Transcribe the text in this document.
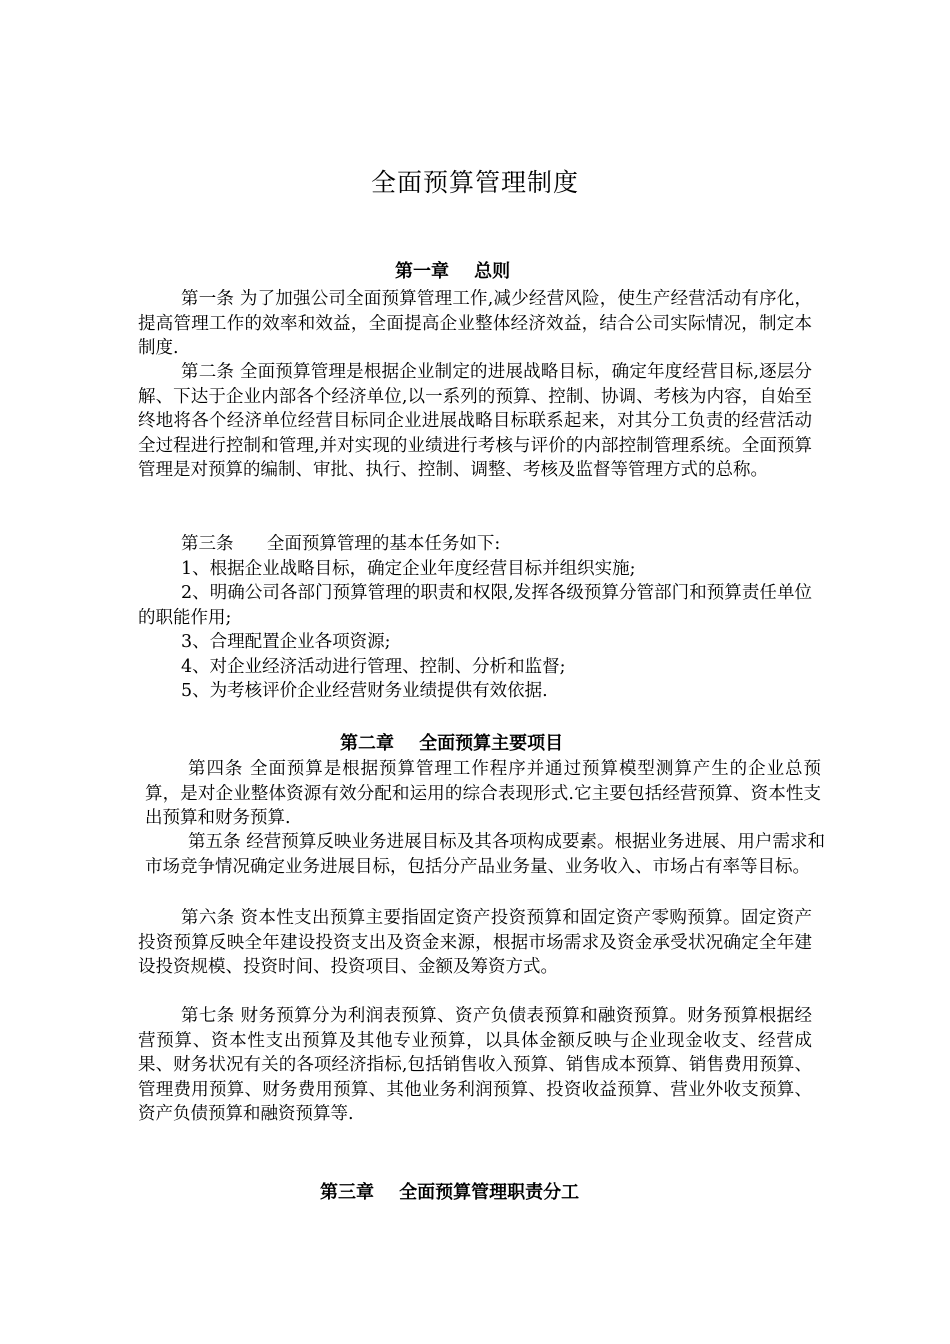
全面预算管理制度
第一章    总则

第一条 为了加强公司全面预算管理工作,减少经营风险，使生产经营活动有序化，提高管理工作的效率和效益，全面提高企业整体经济效益，结合公司实际情况，制定本制度.

第二条 全面预算管理是根据企业制定的进展战略目标，确定年度经营目标,逐层分解、下达于企业内部各个经济单位,以一系列的预算、控制、协调、考核为内容，自始至终地将各个经济单位经营目标同企业进展战略目标联系起来，对其分工负责的经营活动全过程进行控制和管理,并对实现的业绩进行考核与评价的内部控制管理系统。全面预算管理是对预算的编制、审批、执行、控制、调整、考核及监督等管理方式的总称。

第三条      全面预算管理的基本任务如下:

1、根据企业战略目标，确定企业年度经营目标并组织实施;

2、明确公司各部门预算管理的职责和权限,发挥各级预算分管部门和预算责任单位的职能作用;

3、合理配置企业各项资源;

4、对企业经济活动进行管理、控制、分析和监督;

5、为考核评价企业经营财务业绩提供有效依据.

第二章    全面预算主要项目

第四条 全面预算是根据预算管理工作程序并通过预算模型测算产生的企业总预算，是对企业整体资源有效分配和运用的综合表现形式.它主要包括经营预算、资本性支出预算和财务预算.

第五条 经营预算反映业务进展目标及其各项构成要素。根据业务进展、用户需求和市场竞争情况确定业务进展目标，包括分产品业务量、业务收入、市场占有率等目标。

第六条 资本性支出预算主要指固定资产投资预算和固定资产零购预算。固定资产投资预算反映全年建设投资支出及资金来源，根据市场需求及资金承受状况确定全年建设投资规模、投资时间、投资项目、金额及筹资方式。

第七条 财务预算分为利润表预算、资产负债表预算和融资预算。财务预算根据经营预算、资本性支出预算及其他专业预算，以具体金额反映与企业现金收支、经营成果、财务状况有关的各项经济指标,包括销售收入预算、销售成本预算、销售费用预算、管理费用预算、财务费用预算、其他业务利润预算、投资收益预算、营业外收支预算、资产负债预算和融资预算等.

第三章    全面预算管理职责分工
